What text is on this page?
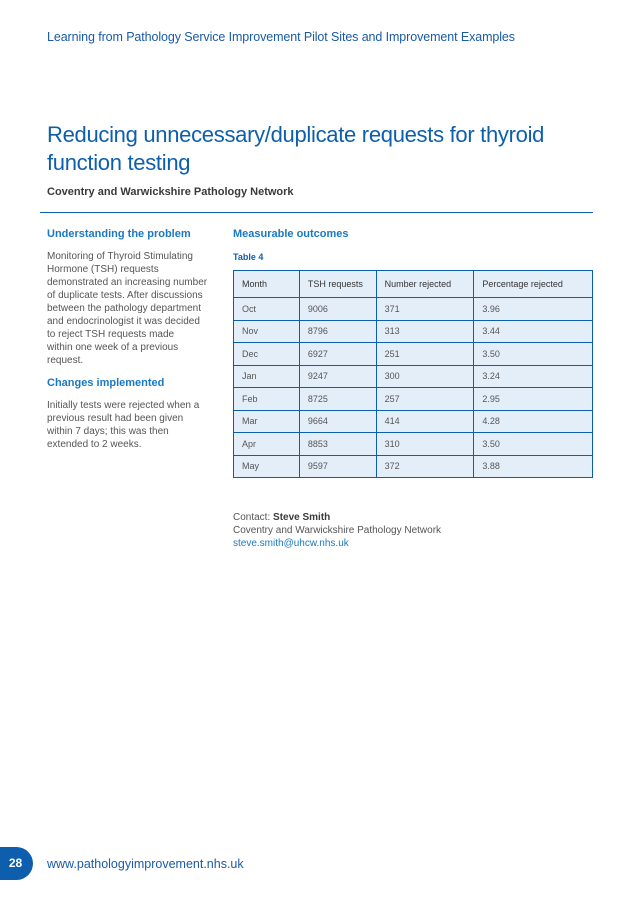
Learning from Pathology Service Improvement Pilot Sites and Improvement Examples
Reducing unnecessary/duplicate requests for thyroid function testing
Coventry and Warwickshire Pathology Network
Understanding the problem
Monitoring of Thyroid Stimulating
Hormone (TSH) requests
demonstrated an increasing number
of duplicate tests. After discussions
between the pathology department
and endocrinologist it was decided
to reject TSH requests made
within one week of a previous
request.
Changes implemented
Initially tests were rejected when a
previous result had been given
within 7 days; this was then
extended to 2 weeks.
Measurable outcomes
Table 4
Month	TSH requests	Number rejected	Percentage rejected
Oct	9006	371	3.96
Nov	8796	313	3.44
Dec	6927	251	3.50
Jan	9247	300	3.24
Feb	8725	257	2.95
Mar	9664	414	4.28
Apr	8853	310	3.50
May	9597	372	3.88
Contact: Steve Smith
Coventry and Warwickshire Pathology Network
steve.smith@uhcw.nhs.uk
28	www.pathologyimprovement.nhs.uk
